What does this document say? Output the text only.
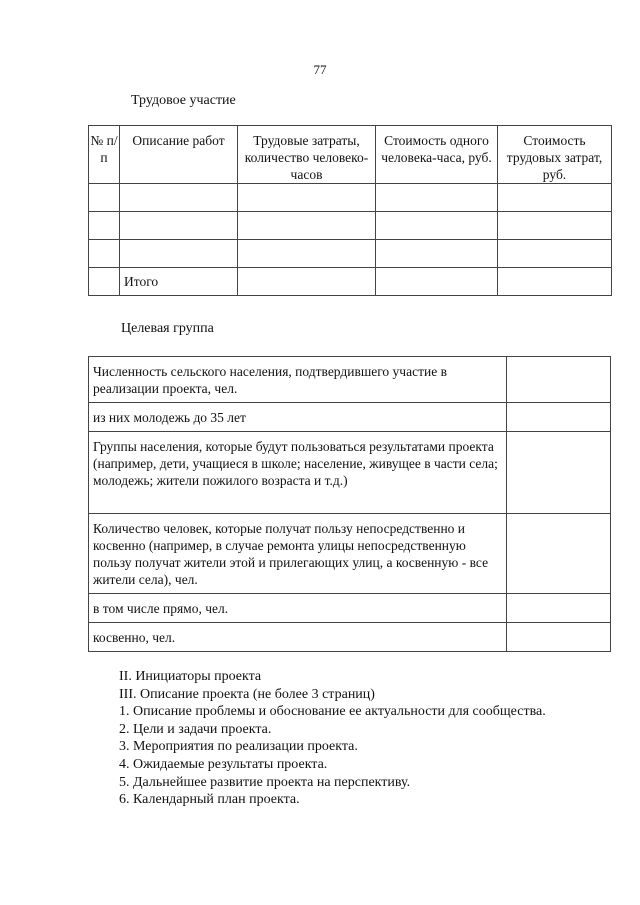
77
Трудовое участие
№ п/п	Описание работ	Трудовые затраты, количество человеко-часов	Стоимость одного человека-часа, руб.	Стоимость трудовых затрат, руб.

	Итого			
Целевая группа
Численность сельского населения, подтвердившего участие в реализации проекта, чел.	
из них молодежь до 35 лет	
Группы населения, которые будут пользоваться результатами проекта (например, дети, учащиеся в школе; население, живущее в части села; молодежь; жители пожилого возраста и т.д.)	
Количество человек, которые получат пользу непосредственно и косвенно (например, в случае ремонта улицы непосредственную пользу получат жители этой и прилегающих улиц, а косвенную - все жители села), чел.	
в том числе прямо, чел.	
косвенно, чел.	
II. Инициаторы проекта
III. Описание проекта (не более 3 страниц)
1. Описание проблемы и обоснование ее актуальности для сообщества.
2. Цели и задачи проекта.
3. Мероприятия по реализации проекта.
4. Ожидаемые результаты проекта.
5. Дальнейшее развитие проекта на перспективу.
6. Календарный план проекта.
